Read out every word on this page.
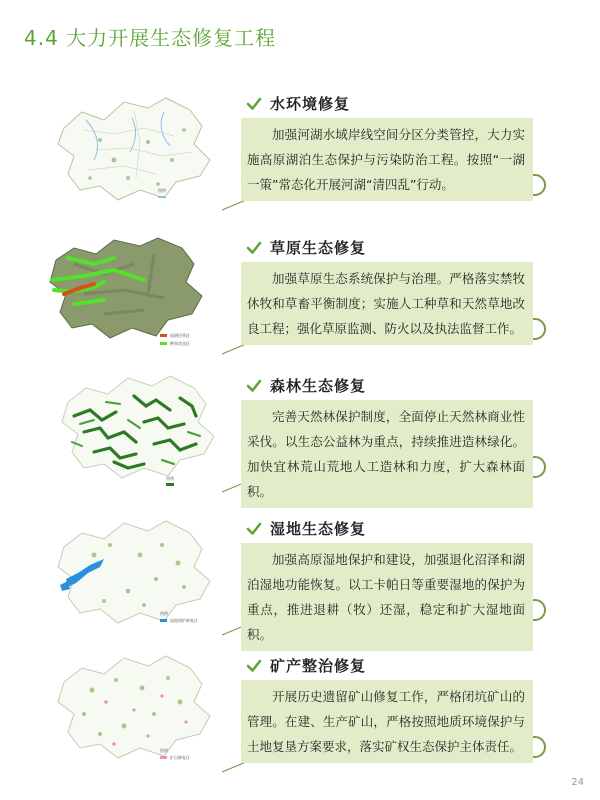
4.4 大力开展生态修复工程
图例
水环境修复
加强河湖水域岸线空间分区分类管控，大力实施高原湖泊生态保护与污染防治工程。按照“一湖一策”常态化开展河湖“清四乱”行动。
退耕还草区
种草改良区
草原生态修复
加强草原生态系统保护与治理。严格落实禁牧休牧和草畜平衡制度；实施人工种草和天然草地改良工程；强化草原监测、防火以及执法监督工作。
图例
森林生态修复
完善天然林保护制度，全面停止天然林商业性采伐。以生态公益林为重点，持续推进造林绿化。加快宜林荒山荒地人工造林和力度，扩大森林面积。
图例
湿地保护修复区
湿地生态修复
加强高原湿地保护和建设，加强退化沼泽和湖泊湿地功能恢复。以工卡帕日等重要湿地的保护为重点，推进退耕（牧）还湿，稳定和扩大湿地面积。
图例
矿山修复区
矿产整治修复
开展历史遗留矿山修复工作，严格闭坑矿山的管理。在建、生产矿山，严格按照地质环境保护与土地复垦方案要求，落实矿权生态保护主体责任。
24
